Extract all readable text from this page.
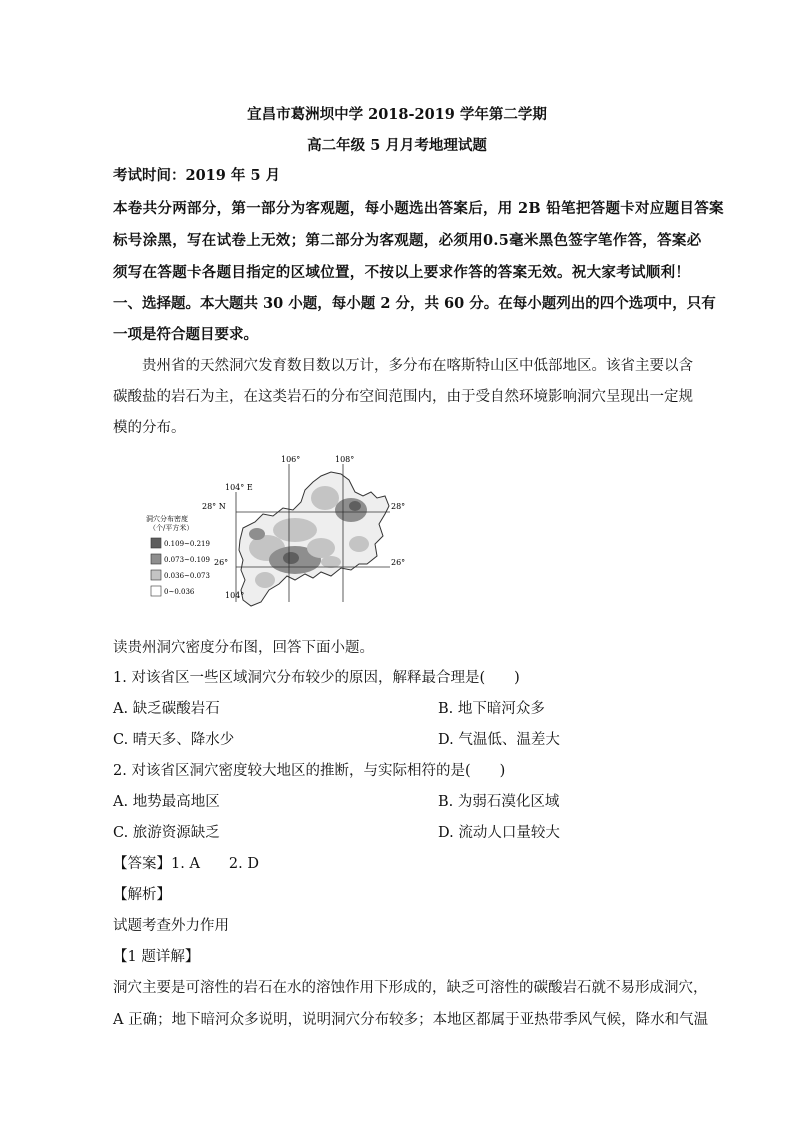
宜昌市葛洲坝中学 2018-2019 学年第二学期
高二年级 5 月月考地理试题
考试时间：2019 年 5 月
本卷共分两部分，第一部分为客观题，每小题选出答案后，用 2B 铅笔把答题卡对应题目答案
标号涂黑，写在试卷上无效；第二部分为客观题，必须用0.5毫米黑色签字笔作答，答案必
须写在答题卡各题目指定的区域位置，不按以上要求作答的答案无效。祝大家考试顺利！
一、选择题。本大题共 30 小题，每小题 2 分，共 60 分。在每小题列出的四个选项中，只有
一项是符合题目要求。
贵州省的天然洞穴发育数目数以万计，多分布在喀斯特山区中低部地区。该省主要以含
碳酸盐的岩石为主，在这类岩石的分布空间范围内，由于受自然环境影响洞穴呈现出一定规
模的分布。
106°	108°
104° E
104°
28° N	28°
26°	26°
洞穴分布密度
（个/平方米）
0.109~0.219
0.073~0.109
0.036~0.073
0~0.036
读贵州洞穴密度分布图，回答下面小题。
1. 对该省区一些区域洞穴分布较少的原因，解释最合理是(　　)
A. 缺乏碳酸岩石	B. 地下暗河众多
C. 晴天多、降水少	D. 气温低、温差大
2. 对该省区洞穴密度较大地区的推断，与实际相符的是(　　)
A. 地势最高地区	B. 为弱石漠化区域
C. 旅游资源缺乏	D. 流动人口量较大
【答案】1. A　　2. D
【解析】
试题考查外力作用
【1 题详解】
洞穴主要是可溶性的岩石在水的溶蚀作用下形成的，缺乏可溶性的碳酸岩石就不易形成洞穴，
A 正确；地下暗河众多说明，说明洞穴分布较多；本地区都属于亚热带季风气候，降水和气温
